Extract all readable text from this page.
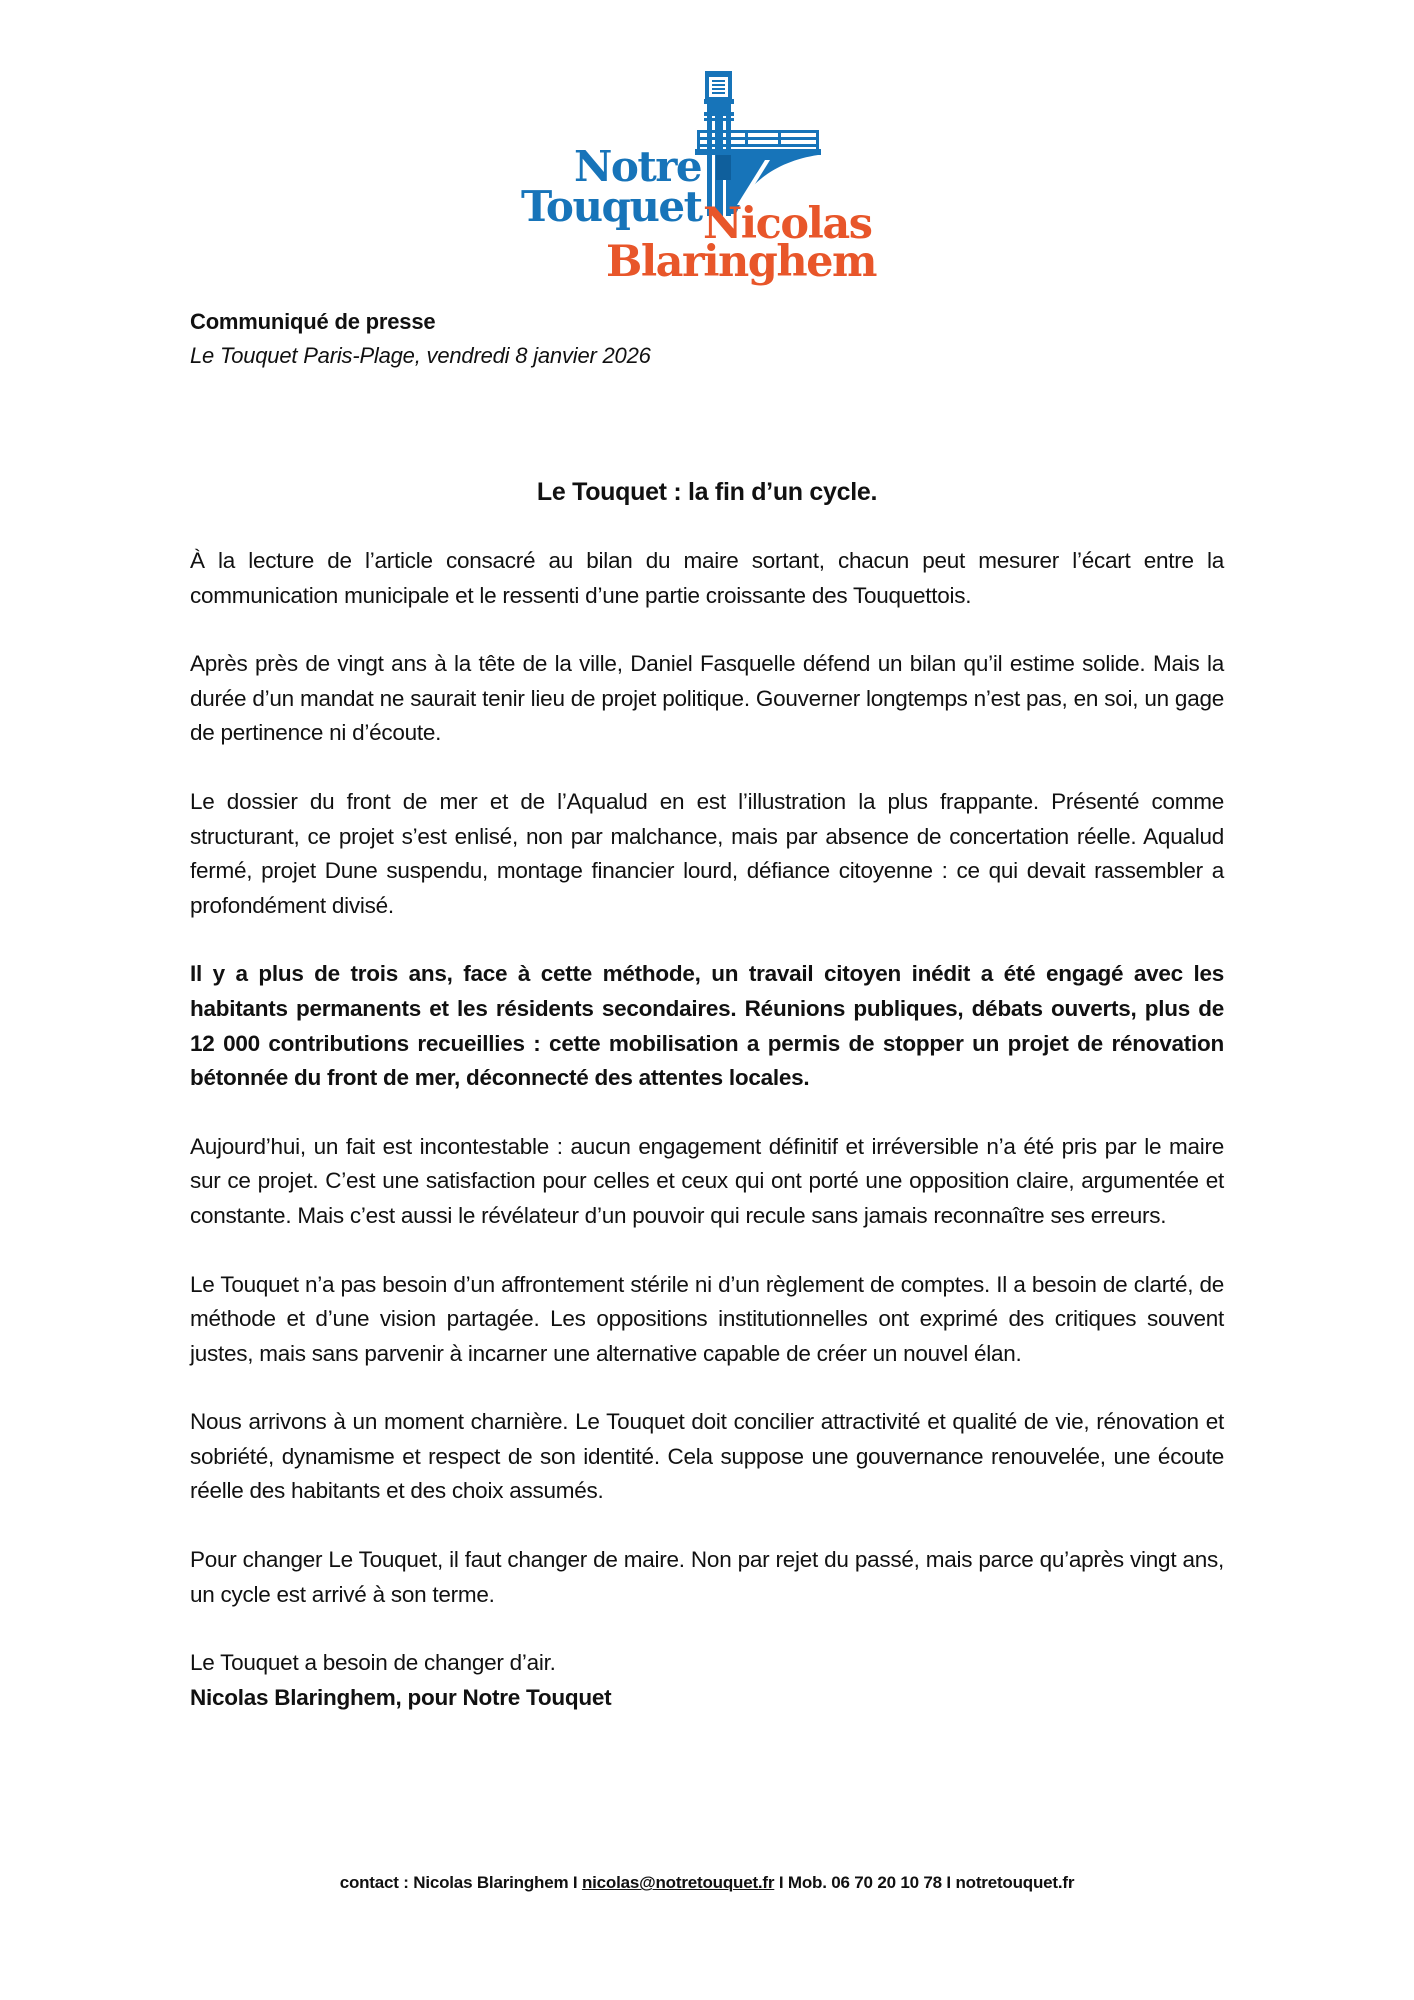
Notre
Touquet Nicolas
Blaringhem
Communiqué de presse
Le Touquet Paris-Plage, vendredi 8 janvier 2026
Le Touquet : la fin d’un cycle.

À la lecture de l’article consacré au bilan du maire sortant, chacun peut mesurer l’écart entre la communication municipale et le ressenti d’une partie croissante des Touquettois.

Après près de vingt ans à la tête de la ville, Daniel Fasquelle défend un bilan qu’il estime solide. Mais la durée d’un mandat ne saurait tenir lieu de projet politique. Gouverner longtemps n’est pas, en soi, un gage de pertinence ni d’écoute.

Le dossier du front de mer et de l’Aqualud en est l’illustration la plus frappante. Présenté comme structurant, ce projet s’est enlisé, non par malchance, mais par absence de concertation réelle. Aqualud fermé, projet Dune suspendu, montage financier lourd, défiance citoyenne : ce qui devait rassembler a profondément divisé.

Il y a plus de trois ans, face à cette méthode, un travail citoyen inédit a été engagé avec les habitants permanents et les résidents secondaires. Réunions publiques, débats ouverts, plus de 12 000 contributions recueillies : cette mobilisation a permis de stopper un projet de rénovation bétonnée du front de mer, déconnecté des attentes locales.

Aujourd’hui, un fait est incontestable : aucun engagement définitif et irréversible n’a été pris par le maire sur ce projet. C’est une satisfaction pour celles et ceux qui ont porté une opposition claire, argumentée et constante. Mais c’est aussi le révélateur d’un pouvoir qui recule sans jamais reconnaître ses erreurs.

Le Touquet n’a pas besoin d’un affrontement stérile ni d’un règlement de comptes. Il a besoin de clarté, de méthode et d’une vision partagée. Les oppositions institutionnelles ont exprimé des critiques souvent justes, mais sans parvenir à incarner une alternative capable de créer un nouvel élan.

Nous arrivons à un moment charnière. Le Touquet doit concilier attractivité et qualité de vie, rénovation et sobriété, dynamisme et respect de son identité. Cela suppose une gouvernance renouvelée, une écoute réelle des habitants et des choix assumés.

Pour changer Le Touquet, il faut changer de maire. Non par rejet du passé, mais parce qu’après vingt ans, un cycle est arrivé à son terme.

Le Touquet a besoin de changer d’air.
Nicolas Blaringhem, pour Notre Touquet
contact : Nicolas Blaringhem I nicolas@notretouquet.fr I Mob. 06 70 20 10 78 I notretouquet.fr
